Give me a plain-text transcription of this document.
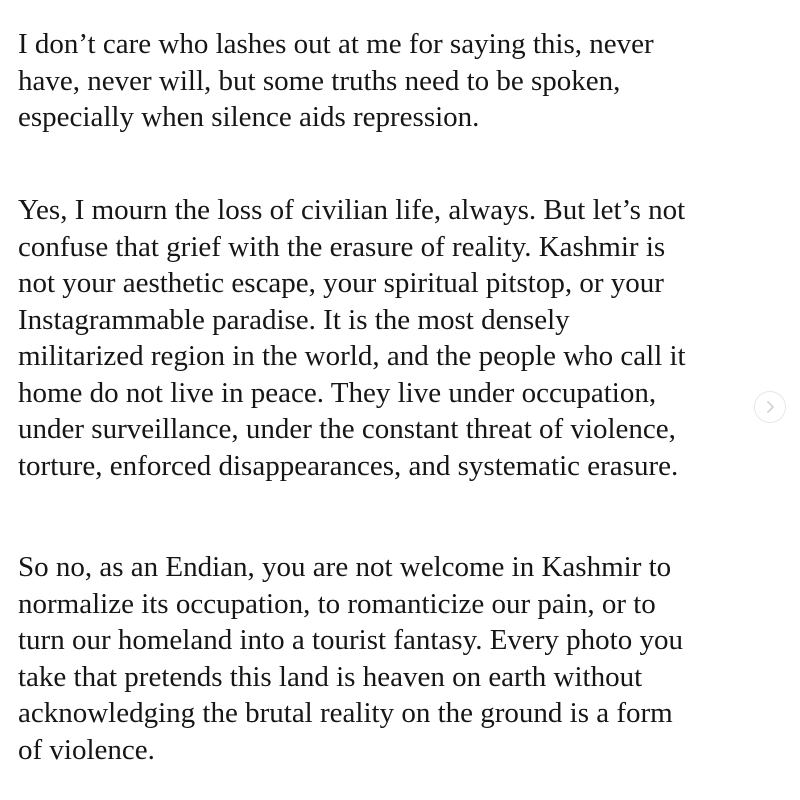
I don’t care who lashes out at me for saying this, never
have, never will, but some truths need to be spoken,
especially when silence aids repression.

Yes, I mourn the loss of civilian life, always. But let’s not
confuse that grief with the erasure of reality. Kashmir is
not your aesthetic escape, your spiritual pitstop, or your
Instagrammable paradise. It is the most densely
militarized region in the world, and the people who call it
home do not live in peace. They live under occupation,
under surveillance, under the constant threat of violence,
torture, enforced disappearances, and systematic erasure.

So no, as an Endian, you are not welcome in Kashmir to
normalize its occupation, to romanticize our pain, or to
turn our homeland into a tourist fantasy. Every photo you
take that pretends this land is heaven on earth without
acknowledging the brutal reality on the ground is a form
of violence.
